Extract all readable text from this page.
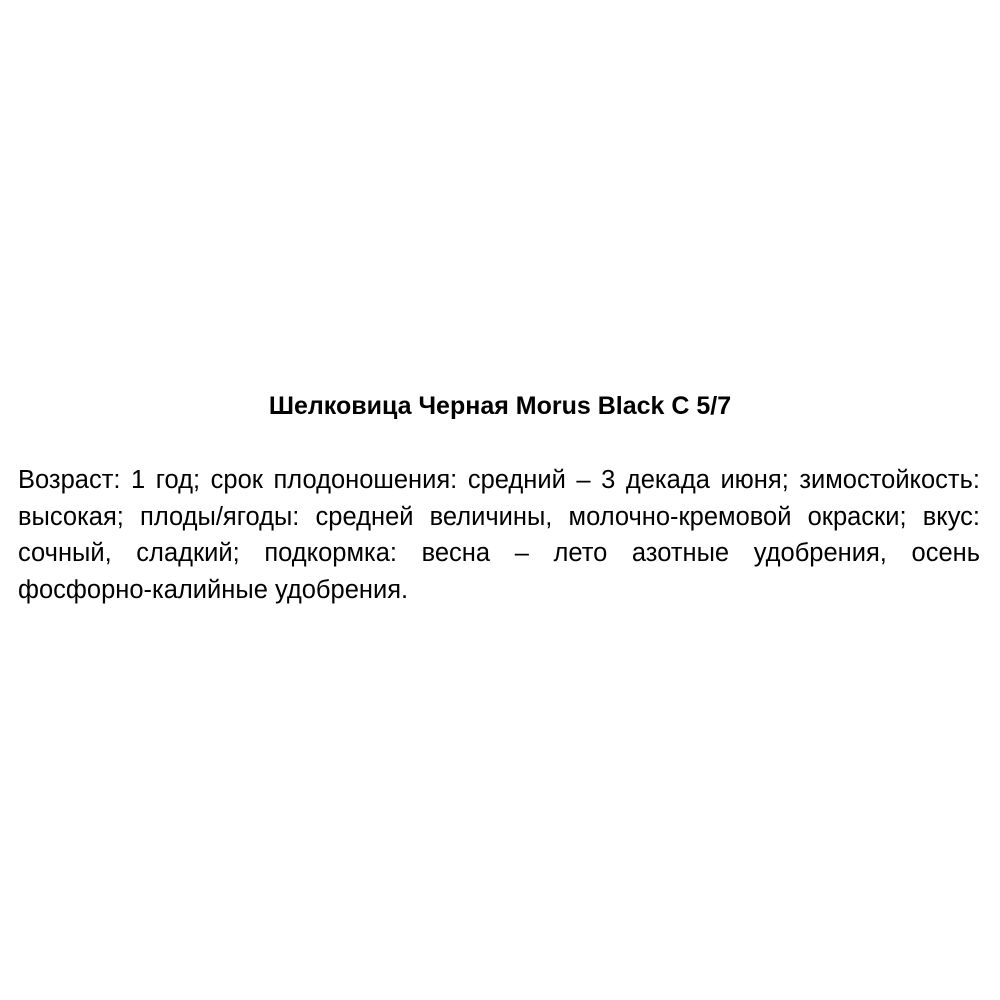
Шелковица Черная Morus Black C 5/7

Возраст: 1 год; срок плодоношения: средний – 3 декада июня; зимостойкость: высокая; плоды/ягоды: средней величины, молочно-кремовой окраски; вкус: сочный, сладкий; подкормка: весна – лето азотные удобрения, осень фосфорно-калийные удобрения.
